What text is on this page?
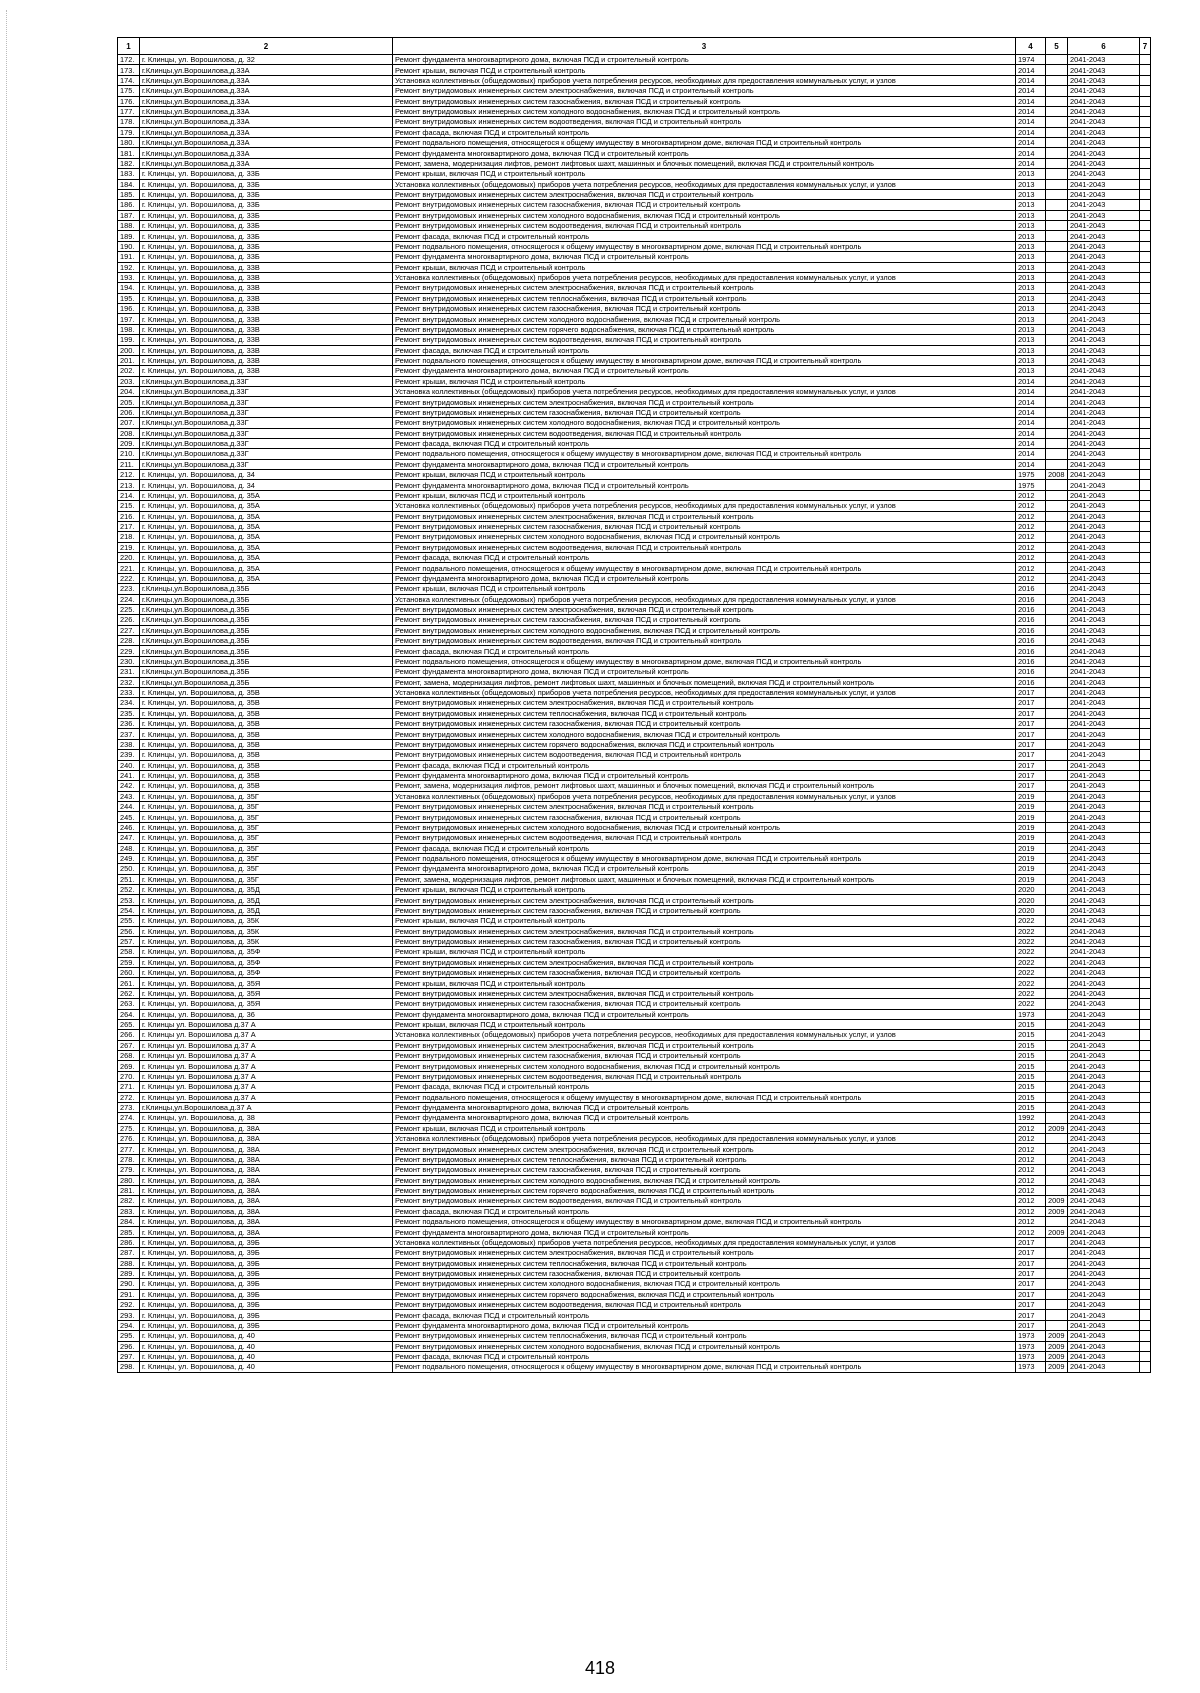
1	2	3	4	5	6	7
172.	г. Клинцы, ул. Ворошилова, д. 32	Ремонт фундамента многоквартирного дома, включая ПСД и строительный контроль	1974		2041-2043	
173.	г.Клинцы,ул.Ворошилова,д.33А	Ремонт крыши, включая ПСД и строительный контроль	2014		2041-2043	
174.	г.Клинцы,ул.Ворошилова,д.33А	Установка коллективных (общедомовых) приборов учета потребления ресурсов, необходимых для предоставления коммунальных услуг, и узлов	2014		2041-2043	
175.	г.Клинцы,ул.Ворошилова,д.33А	Ремонт внутридомовых инженерных систем электроснабжения, включая ПСД и строительный контроль	2014		2041-2043	
176.	г.Клинцы,ул.Ворошилова,д.33А	Ремонт внутридомовых инженерных систем газоснабжения, включая ПСД и строительный контроль	2014		2041-2043	
177.	г.Клинцы,ул.Ворошилова,д.33А	Ремонт внутридомовых инженерных систем холодного водоснабжения, включая ПСД и строительный контроль	2014		2041-2043	
178.	г.Клинцы,ул.Ворошилова,д.33А	Ремонт внутридомовых инженерных систем водоотведения, включая ПСД и строительный контроль	2014		2041-2043	
179.	г.Клинцы,ул.Ворошилова,д.33А	Ремонт фасада, включая ПСД и строительный контроль	2014		2041-2043	
180.	г.Клинцы,ул.Ворошилова,д.33А	Ремонт подвального помещения, относящегося к общему имуществу в многоквартирном доме, включая ПСД и строительный контроль	2014		2041-2043	
181.	г.Клинцы,ул.Ворошилова,д.33А	Ремонт фундамента многоквартирного дома, включая ПСД и строительный контроль	2014		2041-2043	
182.	г.Клинцы,ул.Ворошилова,д.33А	Ремонт, замена, модернизация лифтов, ремонт лифтовых шахт, машинных и блочных помещений, включая ПСД и строительный контроль	2014		2041-2043	
183.	г. Клинцы, ул. Ворошилова, д. 33Б	Ремонт крыши, включая ПСД и строительный контроль	2013		2041-2043	
184.	г. Клинцы, ул. Ворошилова, д. 33Б	Установка коллективных (общедомовых) приборов учета потребления ресурсов, необходимых для предоставления коммунальных услуг, и узлов	2013		2041-2043	
185.	г. Клинцы, ул. Ворошилова, д. 33Б	Ремонт внутридомовых инженерных систем электроснабжения, включая ПСД и строительный контроль	2013		2041-2043	
186.	г. Клинцы, ул. Ворошилова, д. 33Б	Ремонт внутридомовых инженерных систем газоснабжения, включая ПСД и строительный контроль	2013		2041-2043	
187.	г. Клинцы, ул. Ворошилова, д. 33Б	Ремонт внутридомовых инженерных систем холодного водоснабжения, включая ПСД и строительный контроль	2013		2041-2043	
188.	г. Клинцы, ул. Ворошилова, д. 33Б	Ремонт внутридомовых инженерных систем водоотведения, включая ПСД и строительный контроль	2013		2041-2043	
189.	г. Клинцы, ул. Ворошилова, д. 33Б	Ремонт фасада, включая ПСД и строительный контроль	2013		2041-2043	
190.	г. Клинцы, ул. Ворошилова, д. 33Б	Ремонт подвального помещения, относящегося к общему имуществу в многоквартирном доме, включая ПСД и строительный контроль	2013		2041-2043	
191.	г. Клинцы, ул. Ворошилова, д. 33Б	Ремонт фундамента многоквартирного дома, включая ПСД и строительный контроль	2013		2041-2043	
192.	г. Клинцы, ул. Ворошилова, д. 33В	Ремонт крыши, включая ПСД и строительный контроль	2013		2041-2043	
193.	г. Клинцы, ул. Ворошилова, д. 33В	Установка коллективных (общедомовых) приборов учета потребления ресурсов, необходимых для предоставления коммунальных услуг, и узлов	2013		2041-2043	
194.	г. Клинцы, ул. Ворошилова, д. 33В	Ремонт внутридомовых инженерных систем электроснабжения, включая ПСД и строительный контроль	2013		2041-2043	
195.	г. Клинцы, ул. Ворошилова, д. 33В	Ремонт внутридомовых инженерных систем теплоснабжения, включая ПСД и строительный контроль	2013		2041-2043	
196.	г. Клинцы, ул. Ворошилова, д. 33В	Ремонт внутридомовых инженерных систем газоснабжения, включая ПСД и строительный контроль	2013		2041-2043	
197.	г. Клинцы, ул. Ворошилова, д. 33В	Ремонт внутридомовых инженерных систем холодного водоснабжения, включая ПСД и строительный контроль	2013		2041-2043	
198.	г. Клинцы, ул. Ворошилова, д. 33В	Ремонт внутридомовых инженерных систем горячего водоснабжения, включая ПСД и строительный контроль	2013		2041-2043	
199.	г. Клинцы, ул. Ворошилова, д. 33В	Ремонт внутридомовых инженерных систем водоотведения, включая ПСД и строительный контроль	2013		2041-2043	
200.	г. Клинцы, ул. Ворошилова, д. 33В	Ремонт фасада, включая ПСД и строительный контроль	2013		2041-2043	
201.	г. Клинцы, ул. Ворошилова, д. 33В	Ремонт подвального помещения, относящегося к общему имуществу в многоквартирном доме, включая ПСД и строительный контроль	2013		2041-2043	
202.	г. Клинцы, ул. Ворошилова, д. 33В	Ремонт фундамента многоквартирного дома, включая ПСД и строительный контроль	2013		2041-2043	
203.	г.Клинцы,ул.Ворошилова,д.33Г	Ремонт крыши, включая ПСД и строительный контроль	2014		2041-2043	
204.	г.Клинцы,ул.Ворошилова,д.33Г	Установка коллективных (общедомовых) приборов учета потребления ресурсов, необходимых для предоставления коммунальных услуг, и узлов	2014		2041-2043	
205.	г.Клинцы,ул.Ворошилова,д.33Г	Ремонт внутридомовых инженерных систем электроснабжения, включая ПСД и строительный контроль	2014		2041-2043	
206.	г.Клинцы,ул.Ворошилова,д.33Г	Ремонт внутридомовых инженерных систем газоснабжения, включая ПСД и строительный контроль	2014		2041-2043	
207.	г.Клинцы,ул.Ворошилова,д.33Г	Ремонт внутридомовых инженерных систем холодного водоснабжения, включая ПСД и строительный контроль	2014		2041-2043	
208.	г.Клинцы,ул.Ворошилова,д.33Г	Ремонт внутридомовых инженерных систем водоотведения, включая ПСД и строительный контроль	2014		2041-2043	
209.	г.Клинцы,ул.Ворошилова,д.33Г	Ремонт фасада, включая ПСД и строительный контроль	2014		2041-2043	
210.	г.Клинцы,ул.Ворошилова,д.33Г	Ремонт подвального помещения, относящегося к общему имуществу в многоквартирном доме, включая ПСД и строительный контроль	2014		2041-2043	
211.	г.Клинцы,ул.Ворошилова,д.33Г	Ремонт фундамента многоквартирного дома, включая ПСД и строительный контроль	2014		2041-2043	
212.	г. Клинцы, ул. Ворошилова, д. 34	Ремонт крыши, включая ПСД и строительный контроль	1975	2008	2041-2043	
213.	г. Клинцы, ул. Ворошилова, д. 34	Ремонт фундамента многоквартирного дома, включая ПСД и строительный контроль	1975		2041-2043	
214.	г. Клинцы, ул. Ворошилова, д. 35А	Ремонт крыши, включая ПСД и строительный контроль	2012		2041-2043	
215.	г. Клинцы, ул. Ворошилова, д. 35А	Установка коллективных (общедомовых) приборов учета потребления ресурсов, необходимых для предоставления коммунальных услуг, и узлов	2012		2041-2043	
216.	г. Клинцы, ул. Ворошилова, д. 35А	Ремонт внутридомовых инженерных систем электроснабжения, включая ПСД и строительный контроль	2012		2041-2043	
217.	г. Клинцы, ул. Ворошилова, д. 35А	Ремонт внутридомовых инженерных систем газоснабжения, включая ПСД и строительный контроль	2012		2041-2043	
218.	г. Клинцы, ул. Ворошилова, д. 35А	Ремонт внутридомовых инженерных систем холодного водоснабжения, включая ПСД и строительный контроль	2012		2041-2043	
219.	г. Клинцы, ул. Ворошилова, д. 35А	Ремонт внутридомовых инженерных систем водоотведения, включая ПСД и строительный контроль	2012		2041-2043	
220.	г. Клинцы, ул. Ворошилова, д. 35А	Ремонт фасада, включая ПСД и строительный контроль	2012		2041-2043	
221.	г. Клинцы, ул. Ворошилова, д. 35А	Ремонт подвального помещения, относящегося к общему имуществу в многоквартирном доме, включая ПСД и строительный контроль	2012		2041-2043	
222.	г. Клинцы, ул. Ворошилова, д. 35А	Ремонт фундамента многоквартирного дома, включая ПСД и строительный контроль	2012		2041-2043	
223.	г.Клинцы,ул.Ворошилова,д.35Б	Ремонт крыши, включая ПСД и строительный контроль	2016		2041-2043	
224.	г.Клинцы,ул.Ворошилова,д.35Б	Установка коллективных (общедомовых) приборов учета потребления ресурсов, необходимых для предоставления коммунальных услуг, и узлов	2016		2041-2043	
225.	г.Клинцы,ул.Ворошилова,д.35Б	Ремонт внутридомовых инженерных систем электроснабжения, включая ПСД и строительный контроль	2016		2041-2043	
226.	г.Клинцы,ул.Ворошилова,д.35Б	Ремонт внутридомовых инженерных систем газоснабжения, включая ПСД и строительный контроль	2016		2041-2043	
227.	г.Клинцы,ул.Ворошилова,д.35Б	Ремонт внутридомовых инженерных систем холодного водоснабжения, включая ПСД и строительный контроль	2016		2041-2043	
228.	г.Клинцы,ул.Ворошилова,д.35Б	Ремонт внутридомовых инженерных систем водоотведения, включая ПСД и строительный контроль	2016		2041-2043	
229.	г.Клинцы,ул.Ворошилова,д.35Б	Ремонт фасада, включая ПСД и строительный контроль	2016		2041-2043	
230.	г.Клинцы,ул.Ворошилова,д.35Б	Ремонт подвального помещения, относящегося к общему имуществу в многоквартирном доме, включая ПСД и строительный контроль	2016		2041-2043	
231.	г.Клинцы,ул.Ворошилова,д.35Б	Ремонт фундамента многоквартирного дома, включая ПСД и строительный контроль	2016		2041-2043	
232.	г.Клинцы,ул.Ворошилова,д.35Б	Ремонт, замена, модернизация лифтов, ремонт лифтовых шахт, машинных и блочных помещений, включая ПСД и строительный контроль	2016		2041-2043	
233.	г. Клинцы, ул. Ворошилова, д. 35В	Установка коллективных (общедомовых) приборов учета потребления ресурсов, необходимых для предоставления коммунальных услуг, и узлов	2017		2041-2043	
234.	г. Клинцы, ул. Ворошилова, д. 35В	Ремонт внутридомовых инженерных систем электроснабжения, включая ПСД и строительный контроль	2017		2041-2043	
235.	г. Клинцы, ул. Ворошилова, д. 35В	Ремонт внутридомовых инженерных систем теплоснабжения, включая ПСД и строительный контроль	2017		2041-2043	
236.	г. Клинцы, ул. Ворошилова, д. 35В	Ремонт внутридомовых инженерных систем газоснабжения, включая ПСД и строительный контроль	2017		2041-2043	
237.	г. Клинцы, ул. Ворошилова, д. 35В	Ремонт внутридомовых инженерных систем холодного водоснабжения, включая ПСД и строительный контроль	2017		2041-2043	
238.	г. Клинцы, ул. Ворошилова, д. 35В	Ремонт внутридомовых инженерных систем горячего водоснабжения, включая ПСД и строительный контроль	2017		2041-2043	
239.	г. Клинцы, ул. Ворошилова, д. 35В	Ремонт внутридомовых инженерных систем водоотведения, включая ПСД и строительный контроль	2017		2041-2043	
240.	г. Клинцы, ул. Ворошилова, д. 35В	Ремонт фасада, включая ПСД и строительный контроль	2017		2041-2043	
241.	г. Клинцы, ул. Ворошилова, д. 35В	Ремонт фундамента многоквартирного дома, включая ПСД и строительный контроль	2017		2041-2043	
242.	г. Клинцы, ул. Ворошилова, д. 35В	Ремонт, замена, модернизация лифтов, ремонт лифтовых шахт, машинных и блочных помещений, включая ПСД и строительный контроль	2017		2041-2043	
243.	г. Клинцы, ул. Ворошилова, д. 35Г	Установка коллективных (общедомовых) приборов учета потребления ресурсов, необходимых для предоставления коммунальных услуг, и узлов	2019		2041-2043	
244.	г. Клинцы, ул. Ворошилова, д. 35Г	Ремонт внутридомовых инженерных систем электроснабжения, включая ПСД и строительный контроль	2019		2041-2043	
245.	г. Клинцы, ул. Ворошилова, д. 35Г	Ремонт внутридомовых инженерных систем газоснабжения, включая ПСД и строительный контроль	2019		2041-2043	
246.	г. Клинцы, ул. Ворошилова, д. 35Г	Ремонт внутридомовых инженерных систем холодного водоснабжения, включая ПСД и строительный контроль	2019		2041-2043	
247.	г. Клинцы, ул. Ворошилова, д. 35Г	Ремонт внутридомовых инженерных систем водоотведения, включая ПСД и строительный контроль	2019		2041-2043	
248.	г. Клинцы, ул. Ворошилова, д. 35Г	Ремонт фасада, включая ПСД и строительный контроль	2019		2041-2043	
249.	г. Клинцы, ул. Ворошилова, д. 35Г	Ремонт подвального помещения, относящегося к общему имуществу в многоквартирном доме, включая ПСД и строительный контроль	2019		2041-2043	
250.	г. Клинцы, ул. Ворошилова, д. 35Г	Ремонт фундамента многоквартирного дома, включая ПСД и строительный контроль	2019		2041-2043	
251.	г. Клинцы, ул. Ворошилова, д. 35Г	Ремонт, замена, модернизация лифтов, ремонт лифтовых шахт, машинных и блочных помещений, включая ПСД и строительный контроль	2019		2041-2043	
252.	г. Клинцы, ул. Ворошилова, д. 35Д	Ремонт крыши, включая ПСД и строительный контроль	2020		2041-2043	
253.	г. Клинцы, ул. Ворошилова, д. 35Д	Ремонт внутридомовых инженерных систем электроснабжения, включая ПСД и строительный контроль	2020		2041-2043	
254.	г. Клинцы, ул. Ворошилова, д. 35Д	Ремонт внутридомовых инженерных систем газоснабжения, включая ПСД и строительный контроль	2020		2041-2043	
255.	г. Клинцы, ул. Ворошилова, д. 35К	Ремонт крыши, включая ПСД и строительный контроль	2022		2041-2043	
256.	г. Клинцы, ул. Ворошилова, д. 35К	Ремонт внутридомовых инженерных систем электроснабжения, включая ПСД и строительный контроль	2022		2041-2043	
257.	г. Клинцы, ул. Ворошилова, д. 35К	Ремонт внутридомовых инженерных систем газоснабжения, включая ПСД и строительный контроль	2022		2041-2043	
258.	г. Клинцы, ул. Ворошилова, д. 35Ф	Ремонт крыши, включая ПСД и строительный контроль	2022		2041-2043	
259.	г. Клинцы, ул. Ворошилова, д. 35Ф	Ремонт внутридомовых инженерных систем электроснабжения, включая ПСД и строительный контроль	2022		2041-2043	
260.	г. Клинцы, ул. Ворошилова, д. 35Ф	Ремонт внутридомовых инженерных систем газоснабжения, включая ПСД и строительный контроль	2022		2041-2043	
261.	г. Клинцы, ул. Ворошилова, д. 35Я	Ремонт крыши, включая ПСД и строительный контроль	2022		2041-2043	
262.	г. Клинцы, ул. Ворошилова, д. 35Я	Ремонт внутридомовых инженерных систем электроснабжения, включая ПСД и строительный контроль	2022		2041-2043	
263.	г. Клинцы, ул. Ворошилова, д. 35Я	Ремонт внутридомовых инженерных систем газоснабжения, включая ПСД и строительный контроль	2022		2041-2043	
264.	г. Клинцы, ул. Ворошилова, д. 36	Ремонт фундамента многоквартирного дома, включая ПСД и строительный контроль	1973		2041-2043	
265.	г. Клинцы ул. Ворошилова д.37 А	Ремонт крыши, включая ПСД и строительный контроль	2015		2041-2043	
266.	г. Клинцы ул. Ворошилова д.37 А	Установка коллективных (общедомовых) приборов учета потребления ресурсов, необходимых для предоставления коммунальных услуг, и узлов	2015		2041-2043	
267.	г. Клинцы ул. Ворошилова д.37 А	Ремонт внутридомовых инженерных систем электроснабжения, включая ПСД и строительный контроль	2015		2041-2043	
268.	г. Клинцы ул. Ворошилова д.37 А	Ремонт внутридомовых инженерных систем газоснабжения, включая ПСД и строительный контроль	2015		2041-2043	
269.	г. Клинцы ул. Ворошилова д.37 А	Ремонт внутридомовых инженерных систем холодного водоснабжения, включая ПСД и строительный контроль	2015		2041-2043	
270.	г. Клинцы ул. Ворошилова д.37 А	Ремонт внутридомовых инженерных систем водоотведения, включая ПСД и строительный контроль	2015		2041-2043	
271.	г. Клинцы ул. Ворошилова д.37 А	Ремонт фасада, включая ПСД и строительный контроль	2015		2041-2043	
272.	г. Клинцы ул. Ворошилова д.37 А	Ремонт подвального помещения, относящегося к общему имуществу в многоквартирном доме, включая ПСД и строительный контроль	2015		2041-2043	
273.	г.Клинцы,ул.Ворошилова,д.37 А	Ремонт фундамента многоквартирного дома, включая ПСД и строительный контроль	2015		2041-2043	
274.	г. Клинцы, ул. Ворошилова, д. 38	Ремонт фундамента многоквартирного дома, включая ПСД и строительный контроль	1992		2041-2043	
275.	г. Клинцы, ул. Ворошилова, д. 38А	Ремонт крыши, включая ПСД и строительный контроль	2012	2009	2041-2043	
276.	г. Клинцы, ул. Ворошилова, д. 38А	Установка коллективных (общедомовых) приборов учета потребления ресурсов, необходимых для предоставления коммунальных услуг, и узлов	2012		2041-2043	
277.	г. Клинцы, ул. Ворошилова, д. 38А	Ремонт внутридомовых инженерных систем электроснабжения, включая ПСД и строительный контроль	2012		2041-2043	
278.	г. Клинцы, ул. Ворошилова, д. 38А	Ремонт внутридомовых инженерных систем теплоснабжения, включая ПСД и строительный контроль	2012		2041-2043	
279.	г. Клинцы, ул. Ворошилова, д. 38А	Ремонт внутридомовых инженерных систем газоснабжения, включая ПСД и строительный контроль	2012		2041-2043	
280.	г. Клинцы, ул. Ворошилова, д. 38А	Ремонт внутридомовых инженерных систем холодного водоснабжения, включая ПСД и строительный контроль	2012		2041-2043	
281.	г. Клинцы, ул. Ворошилова, д. 38А	Ремонт внутридомовых инженерных систем горячего водоснабжения, включая ПСД и строительный контроль	2012		2041-2043	
282.	г. Клинцы, ул. Ворошилова, д. 38А	Ремонт внутридомовых инженерных систем водоотведения, включая ПСД и строительный контроль	2012	2009	2041-2043	
283.	г. Клинцы, ул. Ворошилова, д. 38А	Ремонт фасада, включая ПСД и строительный контроль	2012	2009	2041-2043	
284.	г. Клинцы, ул. Ворошилова, д. 38А	Ремонт подвального помещения, относящегося к общему имуществу в многоквартирном доме, включая ПСД и строительный контроль	2012		2041-2043	
285.	г. Клинцы, ул. Ворошилова, д. 38А	Ремонт фундамента многоквартирного дома, включая ПСД и строительный контроль	2012	2009	2041-2043	
286.	г. Клинцы, ул. Ворошилова, д. 39Б	Установка коллективных (общедомовых) приборов учета потребления ресурсов, необходимых для предоставления коммунальных услуг, и узлов	2017		2041-2043	
287.	г. Клинцы, ул. Ворошилова, д. 39Б	Ремонт внутридомовых инженерных систем электроснабжения, включая ПСД и строительный контроль	2017		2041-2043	
288.	г. Клинцы, ул. Ворошилова, д. 39Б	Ремонт внутридомовых инженерных систем теплоснабжения, включая ПСД и строительный контроль	2017		2041-2043	
289.	г. Клинцы, ул. Ворошилова, д. 39Б	Ремонт внутридомовых инженерных систем газоснабжения, включая ПСД и строительный контроль	2017		2041-2043	
290.	г. Клинцы, ул. Ворошилова, д. 39Б	Ремонт внутридомовых инженерных систем холодного водоснабжения, включая ПСД и строительный контроль	2017		2041-2043	
291.	г. Клинцы, ул. Ворошилова, д. 39Б	Ремонт внутридомовых инженерных систем горячего водоснабжения, включая ПСД и строительный контроль	2017		2041-2043	
292.	г. Клинцы, ул. Ворошилова, д. 39Б	Ремонт внутридомовых инженерных систем водоотведения, включая ПСД и строительный контроль	2017		2041-2043	
293.	г. Клинцы, ул. Ворошилова, д. 39Б	Ремонт фасада, включая ПСД и строительный контроль	2017		2041-2043	
294.	г. Клинцы, ул. Ворошилова, д. 39Б	Ремонт фундамента многоквартирного дома, включая ПСД и строительный контроль	2017		2041-2043	
295.	г. Клинцы, ул. Ворошилова, д. 40	Ремонт внутридомовых инженерных систем теплоснабжения, включая ПСД и строительный контроль	1973	2009	2041-2043	
296.	г. Клинцы, ул. Ворошилова, д. 40	Ремонт внутридомовых инженерных систем холодного водоснабжения, включая ПСД и строительный контроль	1973	2009	2041-2043	
297.	г. Клинцы, ул. Ворошилова, д. 40	Ремонт фасада, включая ПСД и строительный контроль	1973	2009	2041-2043	
298.	г. Клинцы, ул. Ворошилова, д. 40	Ремонт подвального помещения, относящегося к общему имуществу в многоквартирном доме, включая ПСД и строительный контроль	1973	2009	2041-2043	
418
